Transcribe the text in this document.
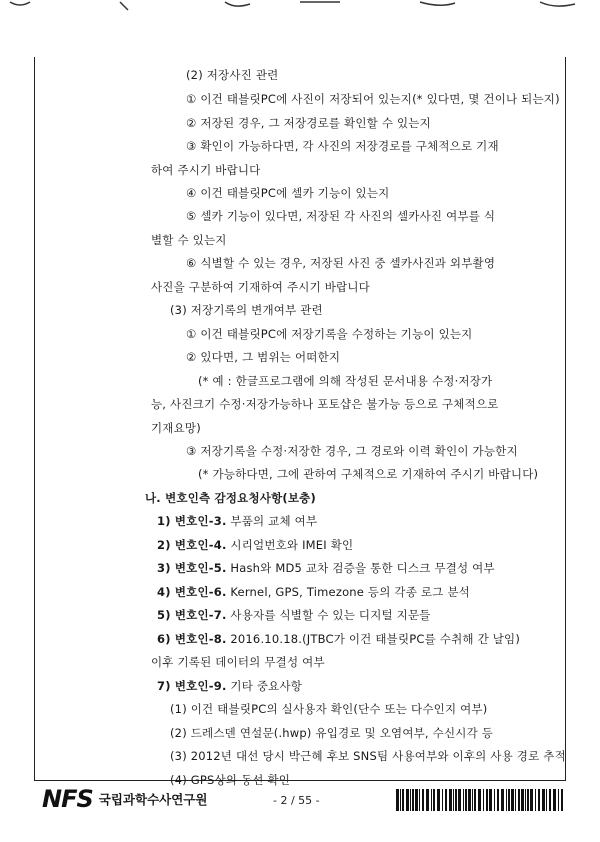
(2) 저장사진 관련
① 이건 태블릿PC에 사진이 저장되어 있는지(* 있다면, 몇 건이나 되는지)
② 저장된 경우, 그 저장경로를 확인할 수 있는지
③ 확인이 가능하다면, 각 사진의 저장경로를 구체적으로 기재
하여 주시기 바랍니다
④ 이건 태블릿PC에 셀카 기능이 있는지
⑤ 셀카 기능이 있다면, 저장된 각 사진의 셀카사진 여부를 식
별할 수 있는지
⑥ 식별할 수 있는 경우, 저장된 사진 중 셀카사진과 외부촬영
사진을 구분하여 기재하여 주시기 바랍니다
(3) 저장기록의 변개여부 관련
① 이건 태블릿PC에 저장기록을 수정하는 기능이 있는지
② 있다면, 그 범위는 어떠한지
(* 예 : 한글프로그램에 의해 작성된 문서내용 수정·저장가
능, 사진크기 수정·저장가능하나 포토샵은 불가능 등으로 구체적으로
기재요망)
③ 저장기록을 수정·저장한 경우, 그 경로와 이력 확인이 가능한지
(* 가능하다면, 그에 관하여 구체적으로 기재하여 주시기 바랍니다)
나. 변호인측 감정요청사항(보충)
1) 변호인-3. 부품의 교체 여부
2) 변호인-4. 시리얼번호와 IMEI 확인
3) 변호인-5. Hash와 MD5 교차 검증을 통한 디스크 무결성 여부
4) 변호인-6. Kernel, GPS, Timezone 등의 각종 로그 분석
5) 변호인-7. 사용자를 식별할 수 있는 디지털 지문들
6) 변호인-8. 2016.10.18.(JTBC가 이건 태블릿PC를 수취해 간 날임)
이후 기록된 데이터의 무결성 여부
7) 변호인-9. 기타 중요사항
(1) 이건 태블릿PC의 실사용자 확인(단수 또는 다수인지 여부)
(2) 드레스덴 연설문(.hwp) 유입경로 및 오염여부, 수신시각 등
(3) 2012년 대선 당시 박근혜 후보 SNS팀 사용여부와 이후의 사용 경로 추적
(4) GPS상의 동선 확인
NFS 국립과학수사연구원	- 2 / 55 -
